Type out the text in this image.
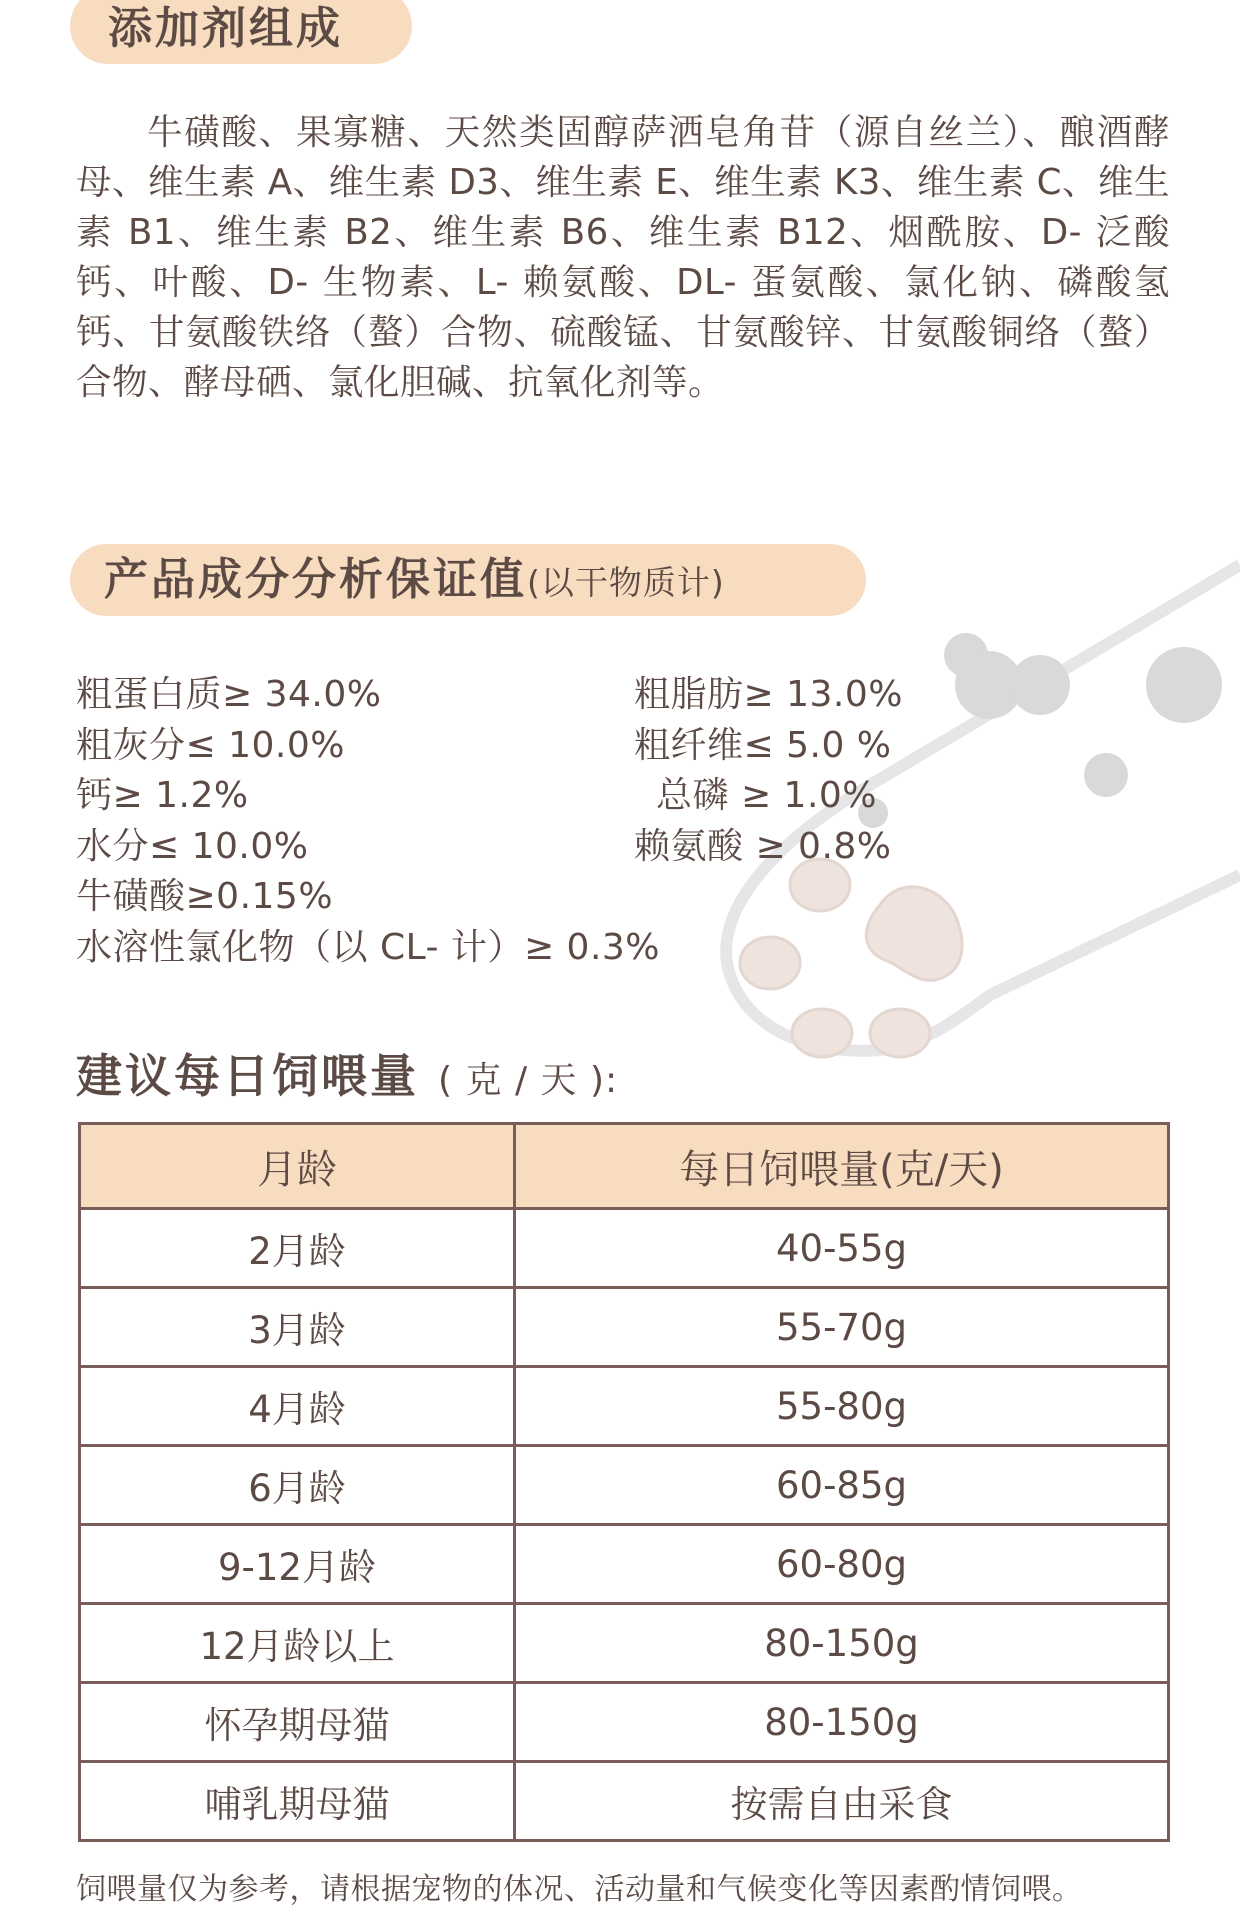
添加剂组成

牛磺酸、果寡糖、天然类固醇萨洒皂角苷（源自丝兰）、酿酒酵母、维生素 A、维生素 D3、维生素 E、维生素 K3、维生素 C、维生素 B1、维生素 B2、维生素 B6、维生素 B12、烟酰胺、D- 泛酸钙、叶酸、D- 生物素、L- 赖氨酸、DL- 蛋氨酸、氯化钠、磷酸氢钙、甘氨酸铁络（螯）合物、硫酸锰、甘氨酸锌、甘氨酸铜络（螯）合物、酵母硒、氯化胆碱、抗氧化剂等。

产品成分分析保证值(以干物质计)
粗蛋白质≥ 34.0%	粗脂肪≥ 13.0%
粗灰分≤ 10.0%	粗纤维≤ 5.0 %
钙≥ 1.2%	总磷 ≥ 1.0%
水分≤ 10.0%	赖氨酸 ≥ 0.8%
牛磺酸≥0.15%
水溶性氯化物（以 CL- 计）≥ 0.3%
建议每日饲喂量 ( 克 / 天 ):
月龄	每日饲喂量(克/天)
2月龄	40-55g
3月龄	55-70g
4月龄	55-80g
6月龄	60-85g
9-12月龄	60-80g
12月龄以上	80-150g
怀孕期母猫	80-150g
哺乳期母猫	按需自由采食
饲喂量仅为参考，请根据宠物的体况、活动量和气候变化等因素酌情饲喂。
